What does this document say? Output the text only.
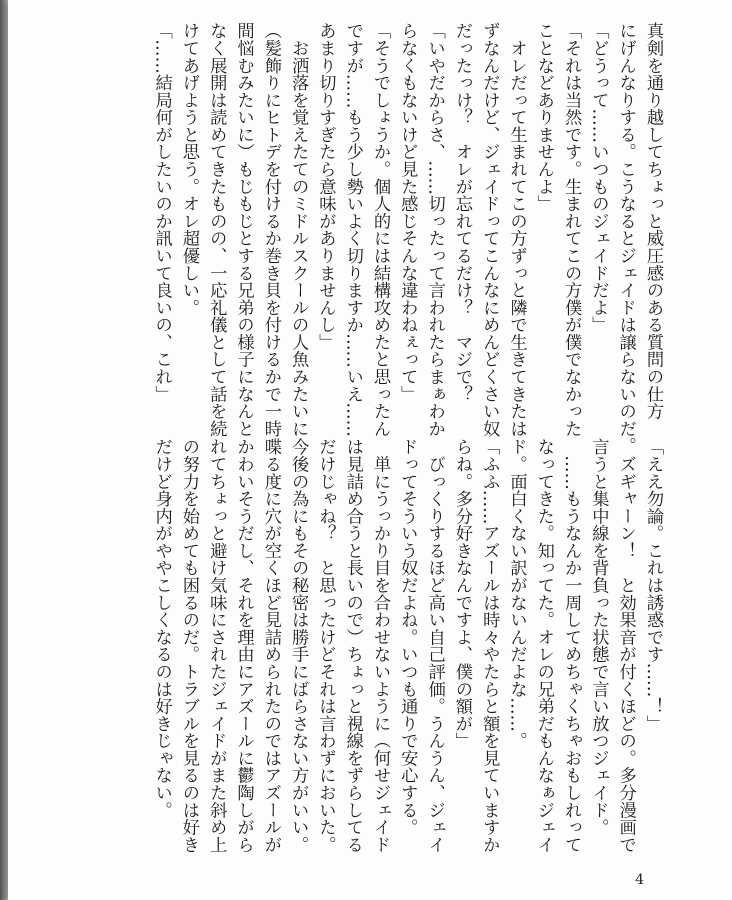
真剣を通り越してちょっと威圧感のある質問の仕方
にげんなりする。こうなるとジェイドは譲らないのだ。
「どうって……いつものジェイドだよ」
「それは当然です。生まれてこの方僕が僕でなかった
ことなどありませんよ」
　オレだって生まれてこの方ずっと隣で生きてきたは
ずなんだけど、ジェイドってこんなにめんどくさい奴
だったっけ？　オレが忘れてるだけ？　マジで？
「いやだからさ、……切ったって言われたらまぁわか
らなくもないけど見た感じそんな違わねぇって」
「そうでしょうか。個人的には結構攻めたと思ったん
ですが……もう少し勢いよく切りますか……いえ……
あまり切りすぎたら意味がありませんし」
　お洒落を覚えたてのミドルスクールの人魚みたいに
（髪飾りにヒトデを付けるか巻き貝を付けるかで一時
間悩むみたいに）もじもじとする兄弟の様子になんと
なく展開は読めてきたものの、一応礼儀として話を続
けてあげようと思う。オレ超優しい。
「……結局何がしたいのか訊いて良いの、これ」
「ええ勿論。これは誘惑です……！」
　ズギャーン！　と効果音が付くほどの。多分漫画で
言うと集中線を背負った状態で言い放つジェイド。
　……もうなんか一周してめちゃくちゃおもしれって
なってきた。知ってた。オレの兄弟だもんなぁジェイ
ド。面白くない訳がないんだよな……。
「ふふ……アズールは時々やたらと額を見ていますか
らね。多分好きなんですよ、僕の額が」
　びっくりするほど高い自己評価。うんうん、ジェイ
ドってそういう奴だよね。いつも通りで安心する。
　単にうっかり目を合わせないように（何せジェイド
は見詰め合うと長いので）ちょっと視線をずらしてる
だけじゃね？　と思ったけどそれは言わずにおいた。
今後の為にもその秘密は勝手にばらさない方がいい。
喋る度に穴が空くほど見詰められたのではアズールが
かわいそうだし、それを理由にアズールに鬱陶しがら
れてちょっと避け気味にされたジェイドがまた斜め上
の努力を始めても困るのだ。トラブルを見るのは好き
だけど身内がややこしくなるのは好きじゃない。
4
